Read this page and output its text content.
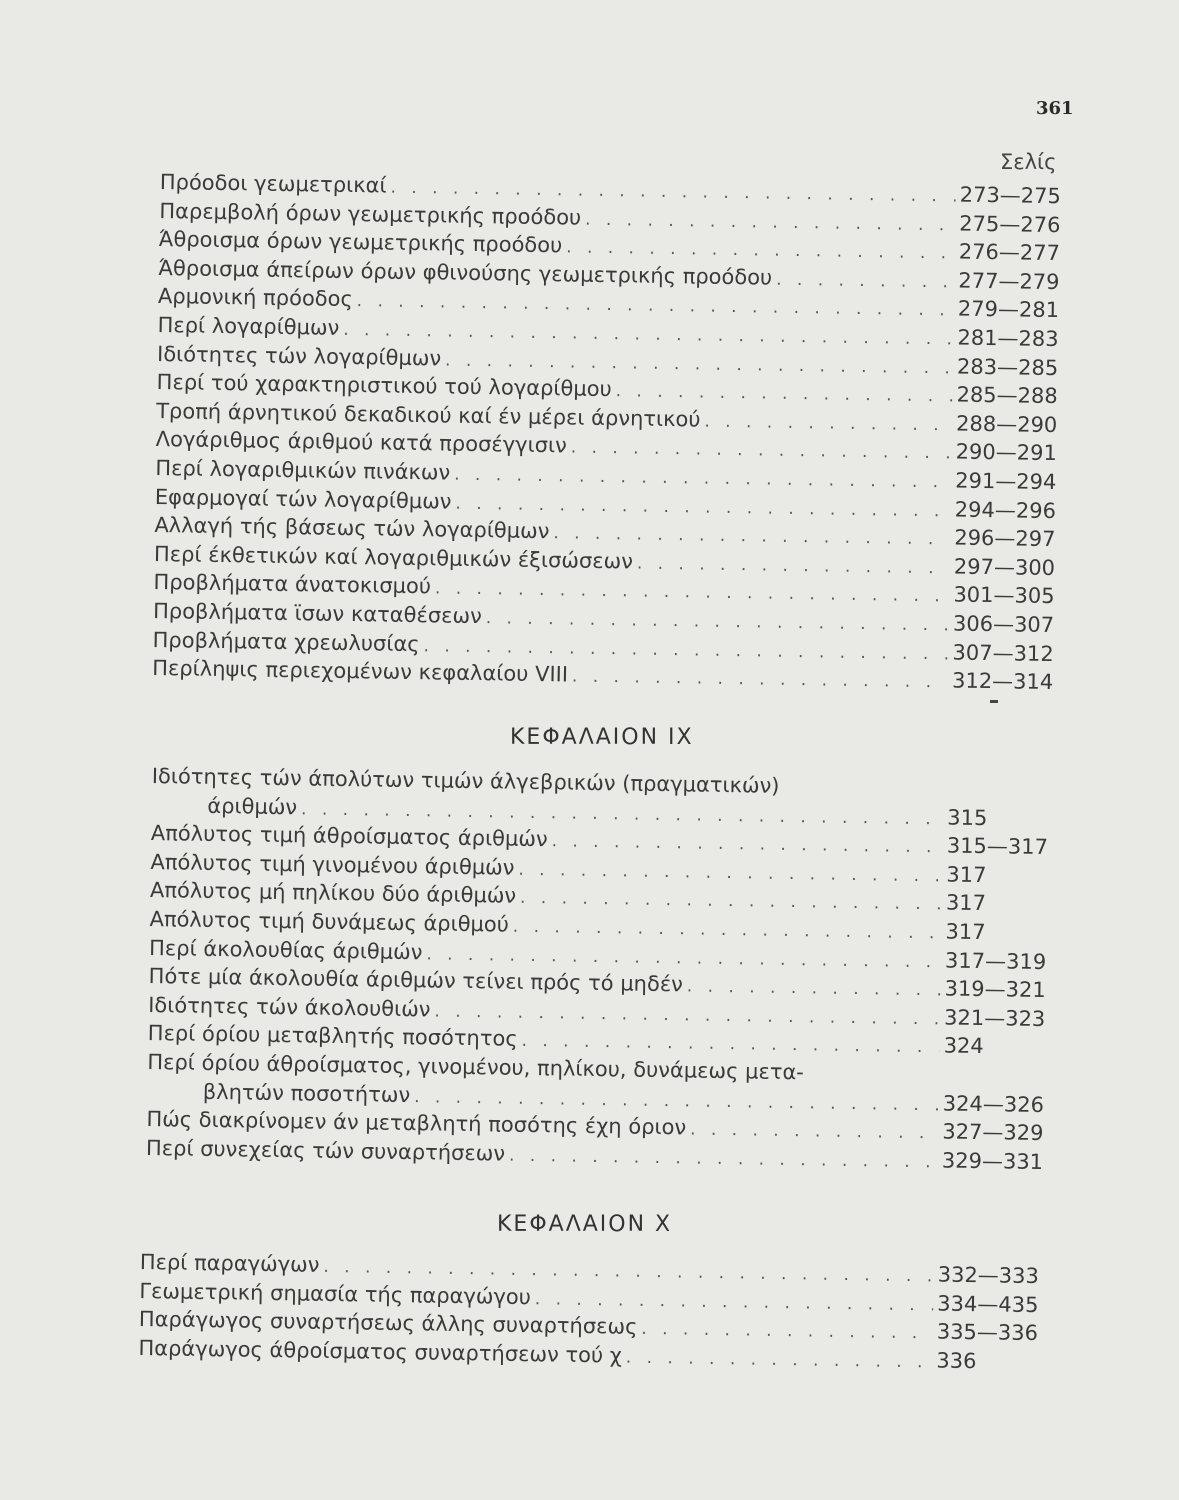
361
Σελίς
Πρόοδοι γεωμετρικαί . . .	273—275
Παρεμβολή όρων γεωμετρικής προόδου . . .	275—276
Άθροισμα όρων γεωμετρικής προόδου . . .	276—277
Άθροισμα άπείρων όρων φθινούσης γεωμετρικής προόδου . . .	277—279
Αρμονική πρόοδος . . .	279—281
Περί λογαρίθμων . . .	281—283
Ιδιότητες τών λογαρίθμων . . .	283—285
Περί τού χαρακτηριστικού τού λογαρίθμου . . .	285—288
Τροπή άρνητικού δεκαδικού καί έν μέρει άρνητικού . . .	288—290
Λογάριθμος άριθμού κατά προσέγγισιν . . .	290—291
Περί λογαριθμικών πινάκων . . .	291—294
Εφαρμογαί τών λογαρίθμων . . .	294—296
Αλλαγή τής βάσεως τών λογαρίθμων . . .	296—297
Περί έκθετικών καί λογαριθμικών έξισώσεων . . .	297—300
Προβλήματα άνατοκισμού . . .	301—305
Προβλήματα ϊσων καταθέσεων . . .	306—307
Προβλήματα χρεωλυσίας . . .	307—312
Περίληψις περιεχομένων κεφαλαίου VIII . . .	312—314
ΚΕΦΑΛΑΙΟΝ IX
Ιδιότητες τών άπολύτων τιμών άλγεβρικών (πραγματικών)
άριθμών . . .	315
Απόλυτος τιμή άθροίσματος άριθμών . . .	315—317
Απόλυτος τιμή γινομένου άριθμών . . .	317
Απόλυτος μή πηλίκου δύο άριθμών . . .	317
Απόλυτος τιμή δυνάμεως άριθμού . . .	317
Περί άκολουθίας άριθμών . . .	317—319
Πότε μία άκολουθία άριθμών τείνει πρός τό μηδέν . . .	319—321
Ιδιότητες τών άκολουθιών . . .	321—323
Περί όρίου μεταβλητής ποσότητος . . .	324
Περί όρίου άθροίσματος, γινομένου, πηλίκου, δυνάμεως μετα-
βλητών ποσοτήτων . . .	324—326
Πώς διακρίνομεν άν μεταβλητή ποσότης έχη όριον . . .	327—329
Περί συνεχείας τών συναρτήσεων . . .	329—331
ΚΕΦΑΛΑΙΟΝ X
Περί παραγώγων . . .	332—333
Γεωμετρική σημασία τής παραγώγου . . .	334—435
Παράγωγος συναρτήσεως άλλης συναρτήσεως . . .	335—336
Παράγωγος άθροίσματος συναρτήσεων τού χ . . .	336
